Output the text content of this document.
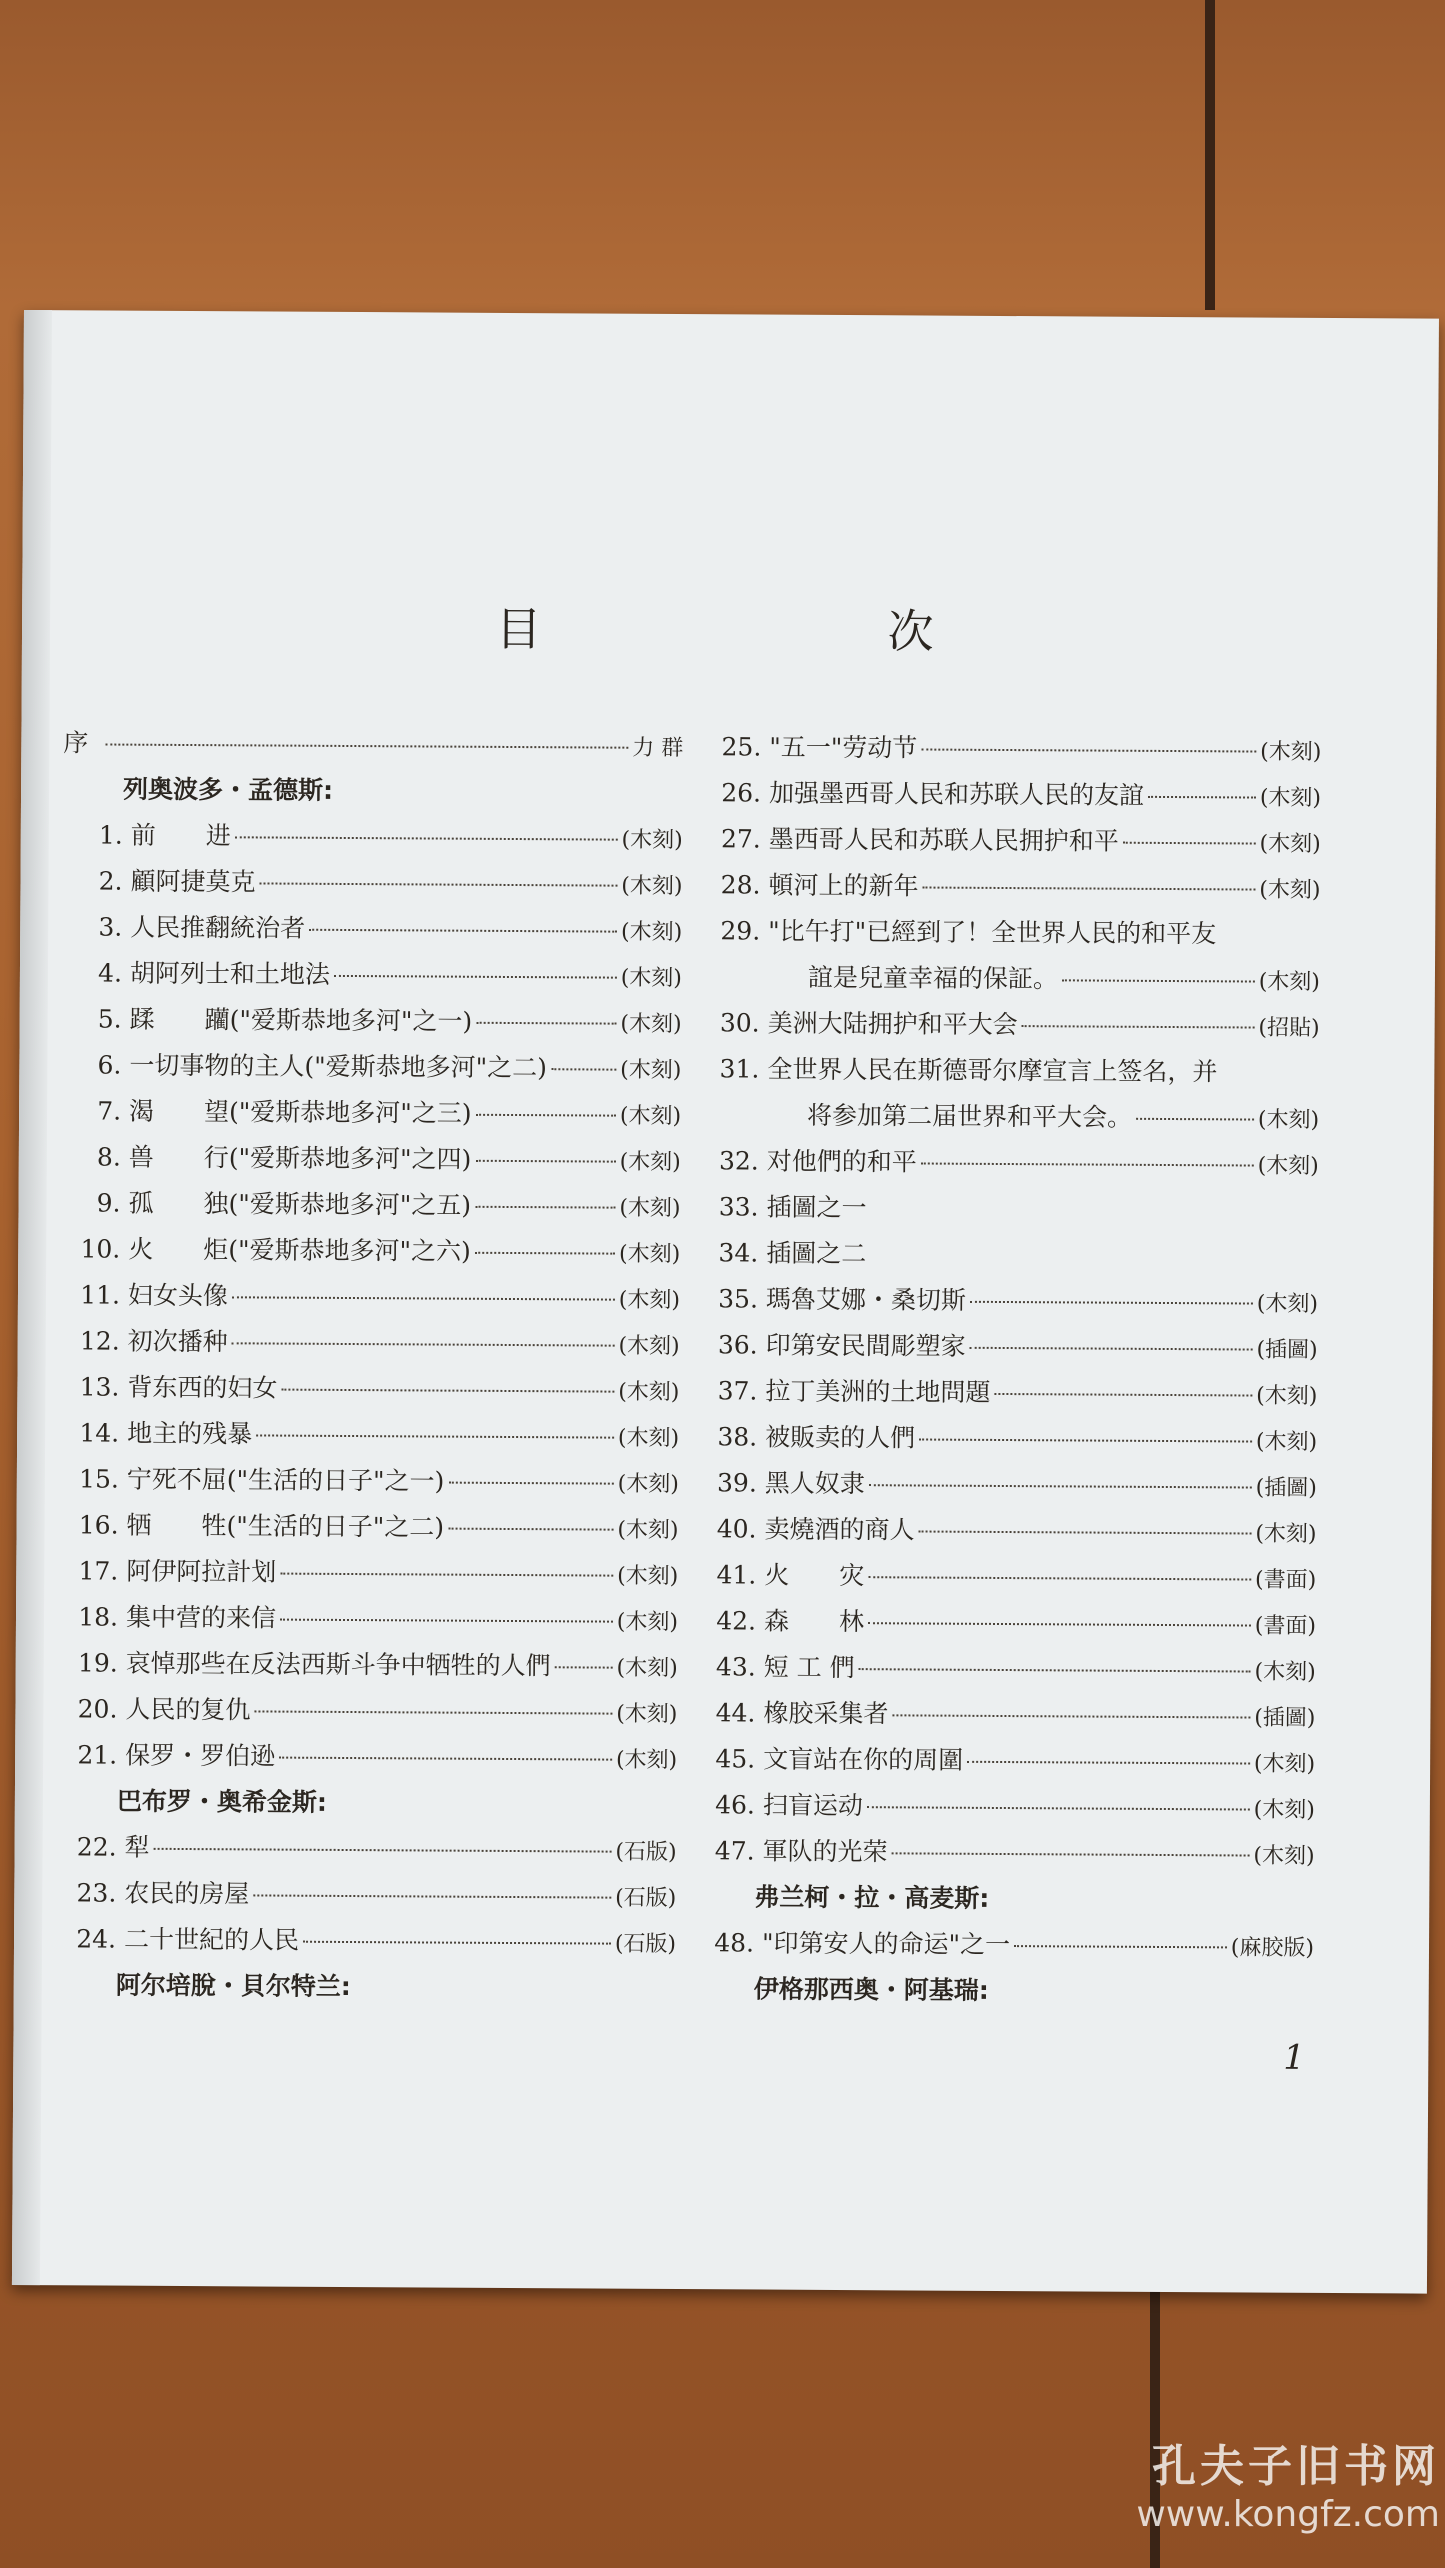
目　次
序	力 群
列奥波多・孟德斯:
1. 前　　进	(木刻)
2. 顧阿捷莫克	(木刻)
3. 人民推翻統治者	(木刻)
4. 胡阿列士和土地法	(木刻)
5. 蹂　　躪("爱斯恭地多河"之一)	(木刻)
6. 一切事物的主人("爱斯恭地多河"之二)	(木刻)
7. 渴　　望("爱斯恭地多河"之三)	(木刻)
8. 兽　　行("爱斯恭地多河"之四)	(木刻)
9. 孤　　独("爱斯恭地多河"之五)	(木刻)
10. 火　　炬("爱斯恭地多河"之六)	(木刻)
11. 妇女头像	(木刻)
12. 初次播种	(木刻)
13. 背东西的妇女	(木刻)
14. 地主的残暴	(木刻)
15. 宁死不屈("生活的日子"之一)	(木刻)
16. 牺　　牲("生活的日子"之二)	(木刻)
17. 阿伊阿拉計划	(木刻)
18. 集中营的来信	(木刻)
19. 哀悼那些在反法西斯斗争中牺牲的人們	(木刻)
20. 人民的复仇	(木刻)
21. 保罗・罗伯逊	(木刻)
巴布罗・奥希金斯:
22. 犁	(石版)
23. 农民的房屋	(石版)
24. 二十世紀的人民	(石版)
阿尔培脫・貝尔特兰:
25. "五一"劳动节	(木刻)
26. 加强墨西哥人民和苏联人民的友誼	(木刻)
27. 墨西哥人民和苏联人民拥护和平	(木刻)
28. 頓河上的新年	(木刻)
29. "比午打"已經到了！全世界人民的和平友
誼是兒童幸福的保証。	(木刻)
30. 美洲大陆拥护和平大会	(招貼)
31. 全世界人民在斯德哥尔摩宣言上签名，并
将参加第二届世界和平大会。	(木刻)
32. 对他們的和平	(木刻)
33. 插圖之一
34. 插圖之二
35. 瑪魯艾娜・桑切斯	(木刻)
36. 印第安民間彫塑家	(插圖)
37. 拉丁美洲的土地問題	(木刻)
38. 被販卖的人們	(木刻)
39. 黑人奴隶	(插圖)
40. 卖燒酒的商人	(木刻)
41. 火　　灾	(書面)
42. 森　　林	(書面)
43. 短 工 們	(木刻)
44. 橡胶采集者	(插圖)
45. 文盲站在你的周圍	(木刻)
46. 扫盲运动	(木刻)
47. 軍队的光荣	(木刻)
弗兰柯・拉・高麦斯:
48. "印第安人的命运"之一	(麻胶版)
伊格那西奥・阿基瑞:
1
孔夫子旧书网
www.kongfz.com
